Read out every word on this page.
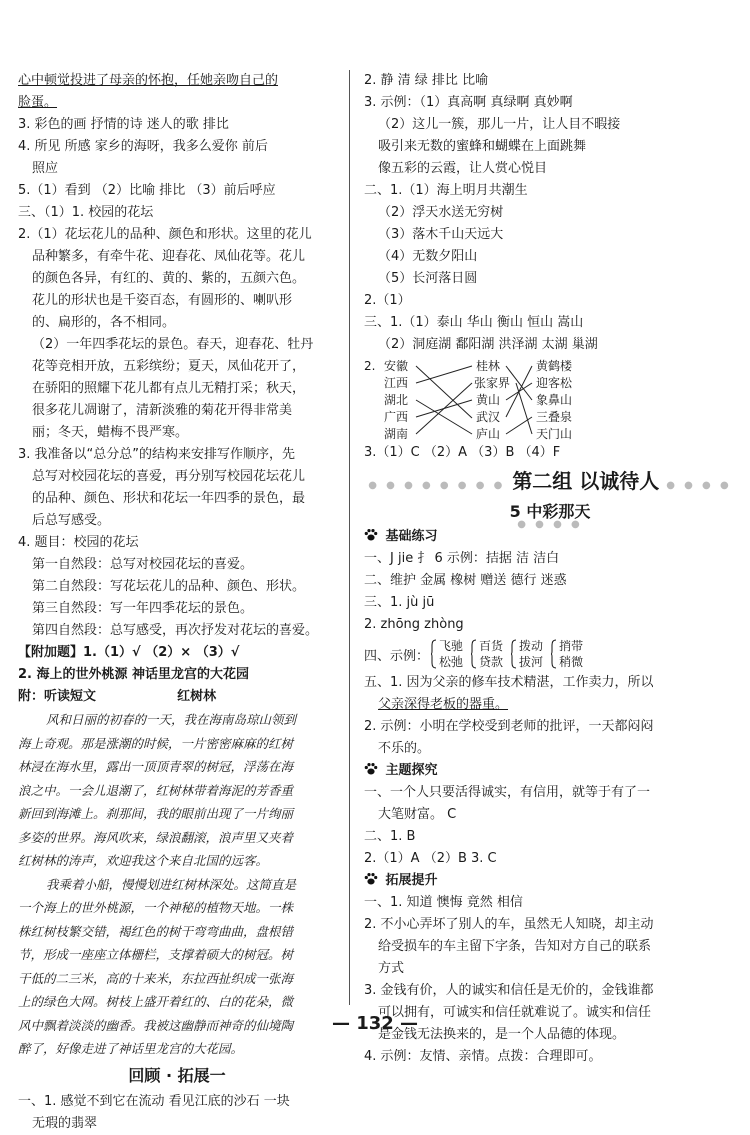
心中顿觉投进了母亲的怀抱，任她亲吻自己的
脸蛋。
3. 彩色的画 抒情的诗 迷人的歌 排比
4. 所见 所感 家乡的海呀，我多么爱你 前后
照应
5.（1）看到 （2）比喻 排比 （3）前后呼应
三、（1）1. 校园的花坛
2.（1）花坛花儿的品种、颜色和形状。这里的花儿
品种繁多，有牵牛花、迎春花、凤仙花等。花儿
的颜色各异，有红的、黄的、紫的，五颜六色。
花儿的形状也是千姿百态，有圆形的、喇叭形
的、扁形的，各不相同。
（2）一年四季花坛的景色。春天，迎春花、牡丹
花等竞相开放，五彩缤纷；夏天，凤仙花开了，
在骄阳的照耀下花儿都有点儿无精打采；秋天，
很多花儿凋谢了，清新淡雅的菊花开得非常美
丽；冬天，蜡梅不畏严寒。
3. 我准备以“总分总”的结构来安排写作顺序，先
总写对校园花坛的喜爱，再分别写校园花坛花儿
的品种、颜色、形状和花坛一年四季的景色，最
后总写感受。
4. 题目：校园的花坛
第一自然段：总写对校园花坛的喜爱。
第二自然段：写花坛花儿的品种、颜色、形状。
第三自然段：写一年四季花坛的景色。
第四自然段：总写感受，再次抒发对花坛的喜爱。
【附加题】1.（1）√ （2）× （3）√
2. 海上的世外桃源 神话里龙宫的大花园
附：听读短文	红树林
风和日丽的初春的一天，我在海南岛琼山领到
海上奇观。那是涨潮的时候，一片密密麻麻的红树
林浸在海水里，露出一顶顶青翠的树冠，浮荡在海
浪之中。一会儿退潮了，红树林带着海泥的芳香重
新回到海滩上。刹那间，我的眼前出现了一片绚丽
多姿的世界。海风吹来，绿浪翻滚，浪声里又夹着
红树林的涛声，欢迎我这个来自北国的远客。
我乘着小船，慢慢划进红树林深处。这简直是
一个海上的世外桃源，一个神秘的植物天地。一株
株红树枝繁交错，褐红色的树干弯弯曲曲，盘根错
节，形成一座座立体栅栏，支撑着硕大的树冠。树
干低的二三米，高的十来米，东拉西扯织成一张海
上的绿色大网。树枝上盛开着红的、白的花朵，微
风中飘着淡淡的幽香。我被这幽静而神奇的仙境陶
醉了，好像走进了神话里龙宫的大花园。
回顾 · 拓展一
一、1. 感觉不到它在流动 看见江底的沙石 一块
无瑕的翡翠
2. 静 清 绿 排比 比喻
3. 示例：（1）真高啊 真绿啊 真妙啊
（2）这儿一簇，那儿一片，让人目不暇接
吸引来无数的蜜蜂和蝴蝶在上面跳舞
像五彩的云霞，让人赏心悦目
二、1.（1）海上明月共潮生
（2）浮天水送无穷树
（3）落木千山天远大
（4）无数夕阳山
（5）长河落日圆
2.（1）
三、1.（1）泰山 华山 衡山 恒山 嵩山
（2）洞庭湖 鄱阳湖 洪泽湖 太湖 巢湖
2. 安徽
江西
湖北
广西
湖南
桂林
张家界
黄山
武汉
庐山
黄鹤楼
迎客松
象鼻山
三叠泉
天门山
3.（1）C （2）A （3）B （4）F
● ● ● ● ● ● ● ● 第二组 以诚待人 ● ● ● ● ● ● ● ●
5 中彩那天
基础练习
一、J jie 扌 6 示例：拮据 洁 洁白
二、维护 金属 橡树 赠送 德行 迷惑
三、1. jù jū
2. zhōng zhòng
四、示例：
飞驰
松弛
百货
贷款
拨动
拔河
捎带
稍微
五、1. 因为父亲的修车技术精湛，工作卖力，所以
父亲深得老板的器重。
2. 示例：小明在学校受到老师的批评，一天都闷闷
不乐的。
主题探究
一、一个人只要活得诚实，有信用，就等于有了一
大笔财富。 C
二、1. B
2.（1）A （2）B 3. C
拓展提升
一、1. 知道 懊悔 竟然 相信
2. 不小心弄坏了别人的车，虽然无人知晓，却主动
给受损车的车主留下字条，告知对方自己的联系
方式
3. 金钱有价，人的诚实和信任是无价的，金钱谁都
可以拥有，可诚实和信任就难说了。诚实和信任
是金钱无法换来的，是一个人品德的体现。
4. 示例：友情、亲情。点拨：合理即可。
— 132 —
